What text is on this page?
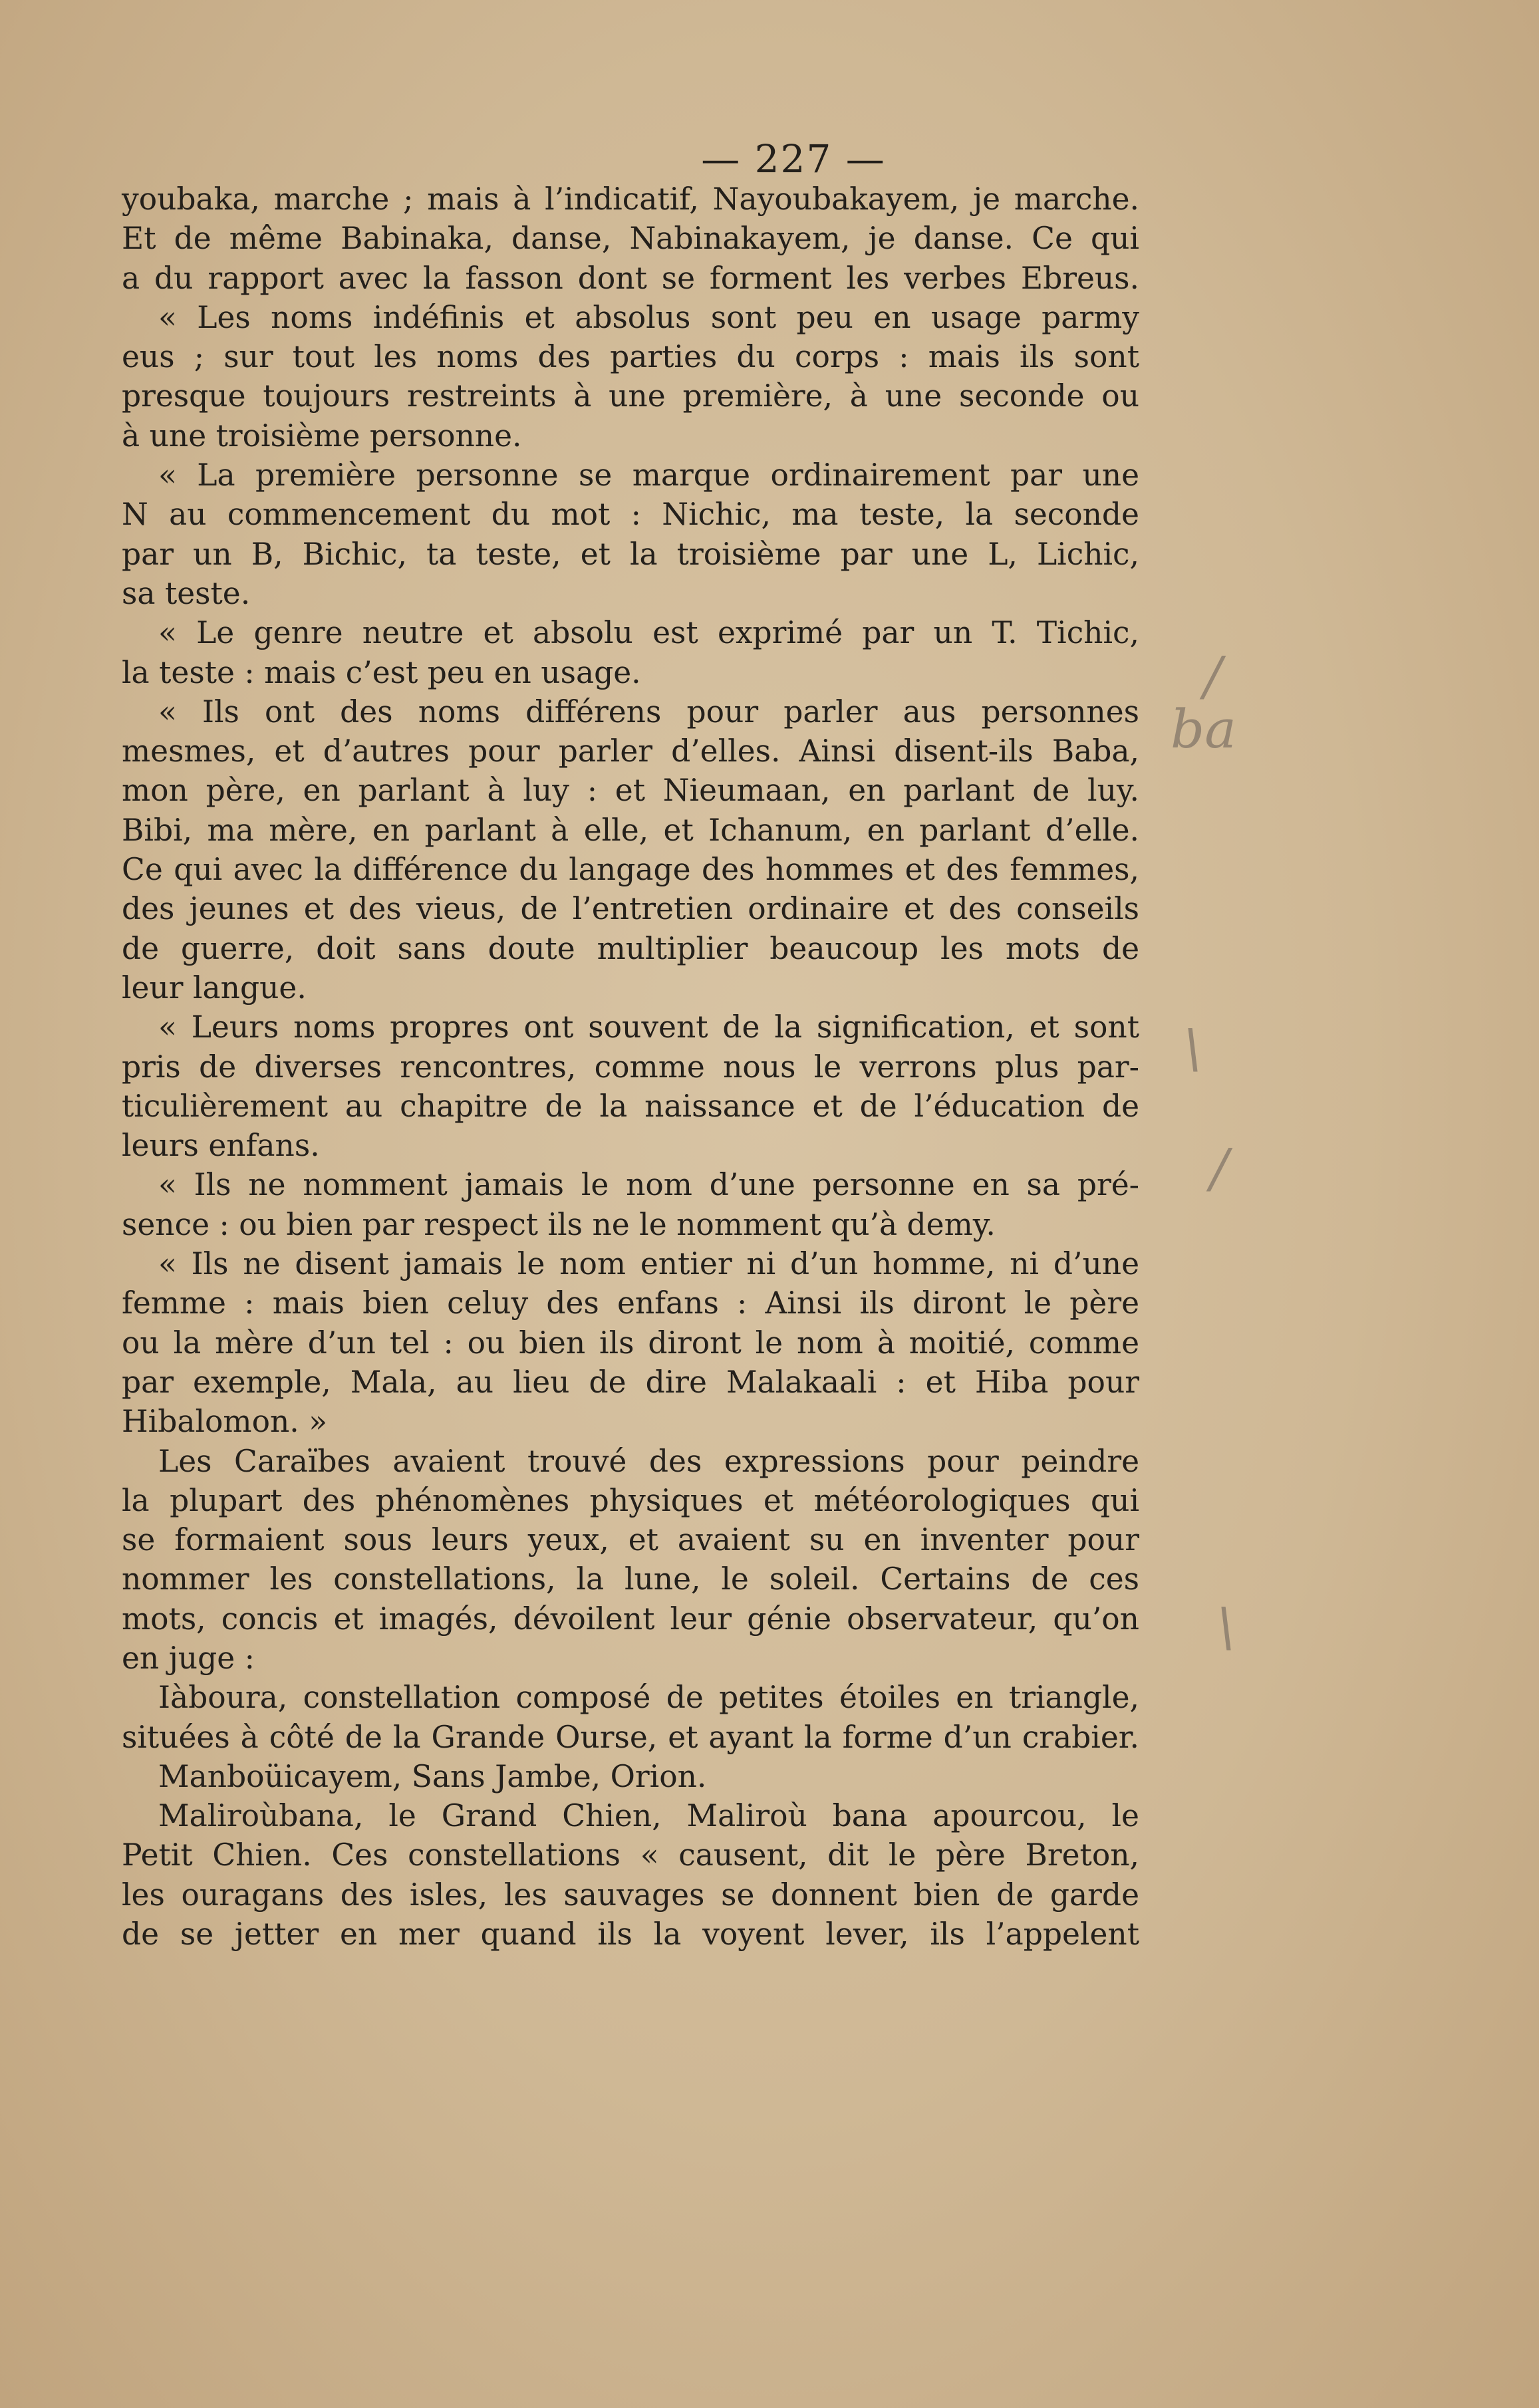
— 227 —
youbaka, marche ; mais à l’indicatif, Nayoubakayem, je marche.
Et de même Babinaka, danse, Nabinakayem, je danse. Ce qui
a du rapport avec la fasson dont se forment les verbes Ebreus.
« Les noms indéfinis et absolus sont peu en usage parmy
eus ; sur tout les noms des parties du corps : mais ils sont
presque toujours restreints à une première, à une seconde ou
à une troisième personne.
« La première personne se marque ordinairement par une
N au commencement du mot : Nichic, ma teste, la seconde
par un B, Bichic, ta teste, et la troisième par une L, Lichic,
sa teste.
« Le genre neutre et absolu est exprimé par un T. Tichic,
la teste : mais c’est peu en usage.
« Ils ont des noms différens pour parler aus personnes
mesmes, et d’autres pour parler d’elles. Ainsi disent-ils Baba,
mon père, en parlant à luy : et Nieumaan, en parlant de luy.
Bibi, ma mère, en parlant à elle, et Ichanum, en parlant d’elle.
Ce qui avec la différence du langage des hommes et des femmes,
des jeunes et des vieus, de l’entretien ordinaire et des conseils
de guerre, doit sans doute multiplier beaucoup les mots de
leur langue.
« Leurs noms propres ont souvent de la signification, et sont
pris de diverses rencontres, comme nous le verrons plus par-
ticulièrement au chapitre de la naissance et de l’éducation de
leurs enfans.
« Ils ne nomment jamais le nom d’une personne en sa pré-
sence : ou bien par respect ils ne le nomment qu’à demy.
« Ils ne disent jamais le nom entier ni d’un homme, ni d’une
femme : mais bien celuy des enfans : Ainsi ils diront le père
ou la mère d’un tel : ou bien ils diront le nom à moitié, comme
par exemple, Mala, au lieu de dire Malakaali : et Hiba pour
Hibalomon. »
Les Caraïbes avaient trouvé des expressions pour peindre
la plupart des phénomènes physiques et météorologiques qui
se formaient sous leurs yeux, et avaient su en inventer pour
nommer les constellations, la lune, le soleil. Certains de ces
mots, concis et imagés, dévoilent leur génie observateur, qu’on
en juge :
Iàboura, constellation composé de petites étoiles en triangle,
situées à côté de la Grande Ourse, et ayant la forme d’un crabier.
Manboüicayem, Sans Jambe, Orion.
Maliroùbana, le Grand Chien, Maliroù bana apourcou, le
Petit Chien. Ces constellations « causent, dit le père Breton,
les ouragans des isles, les sauvages se donnent bien de garde
de se jetter en mer quand ils la voyent lever, ils l’appelent
/
ba
\
/
\
